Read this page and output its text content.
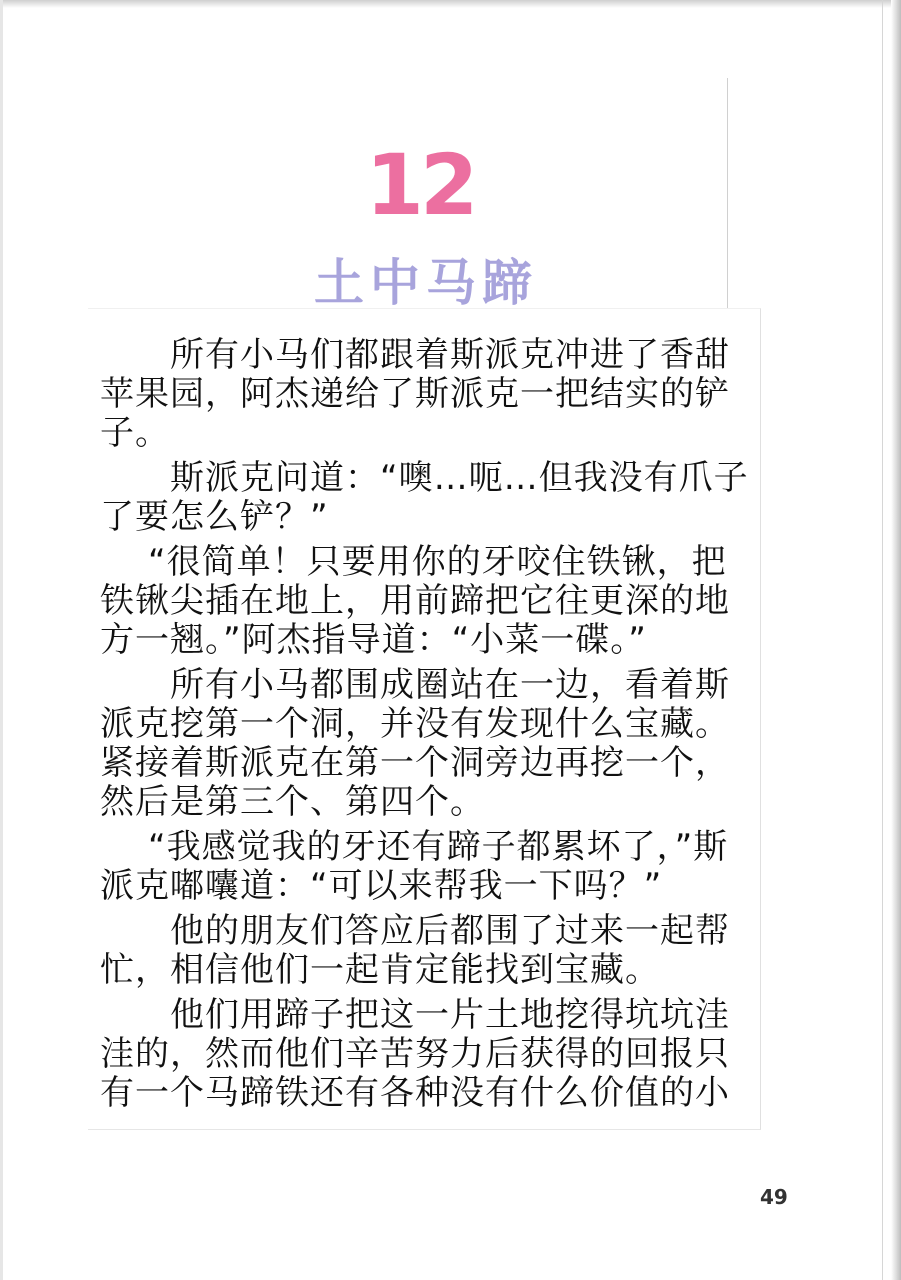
12
土中马蹄

所有小马们都跟着斯派克冲进了香甜苹果园，阿杰递给了斯派克一把结实的铲子。

斯派克问道：“噢…呃…但我没有爪子了要怎么铲？”

“很简单！只要用你的牙咬住铁锹，把铁锹尖插在地上，用前蹄把它往更深的地方一翘。”阿杰指导道：“小菜一碟。”

所有小马都围成圈站在一边，看着斯派克挖第一个洞，并没有发现什么宝藏。紧接着斯派克在第一个洞旁边再挖一个，然后是第三个、第四个。

“我感觉我的牙还有蹄子都累坏了，”斯派克嘟囔道：“可以来帮我一下吗？”

他的朋友们答应后都围了过来一起帮忙，相信他们一起肯定能找到宝藏。

他们用蹄子把这一片土地挖得坑坑洼洼的，然而他们辛苦努力后获得的回报只有一个马蹄铁还有各种没有什么价值的小

49
